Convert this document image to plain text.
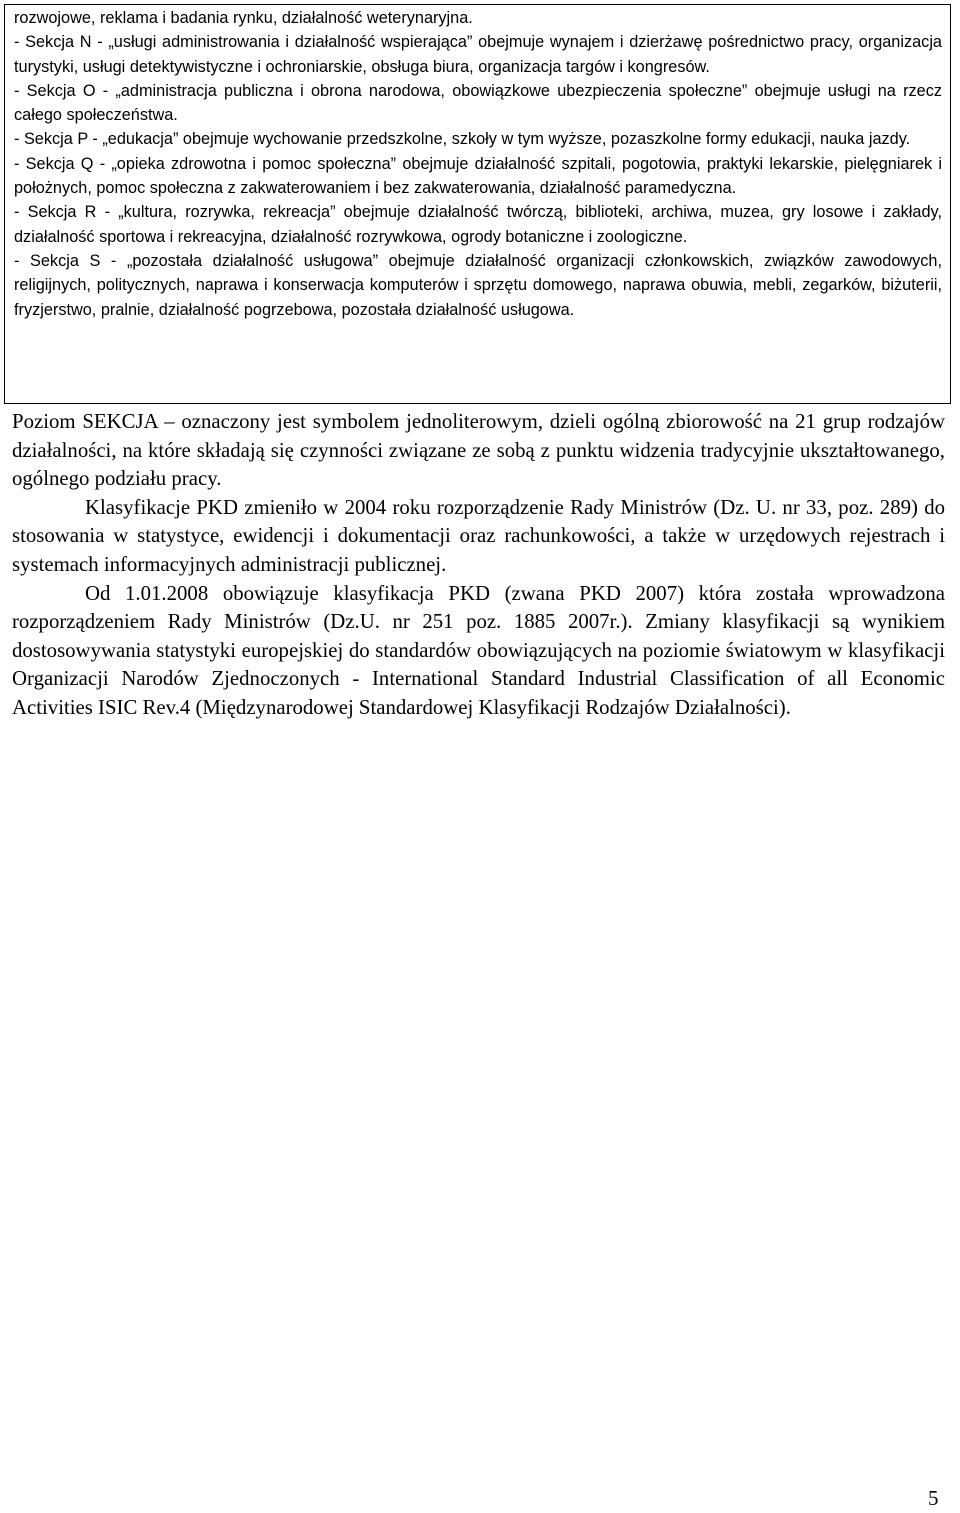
rozwojowe, reklama i badania rynku, działalność weterynaryjna.

- Sekcja N - „usługi administrowania i działalność wspierająca” obejmuje wynajem i dzierżawę pośrednictwo pracy, organizacja turystyki, usługi detektywistyczne i ochroniarskie, obsługa biura, organizacja targów i kongresów.

- Sekcja O - „administracja publiczna i obrona narodowa, obowiązkowe ubezpieczenia społeczne” obejmuje usługi na rzecz całego społeczeństwa.

- Sekcja P - „edukacja” obejmuje wychowanie przedszkolne, szkoły w tym wyższe, pozaszkolne formy edukacji, nauka jazdy.

- Sekcja Q - „opieka zdrowotna i pomoc społeczna” obejmuje działalność szpitali, pogotowia, praktyki lekarskie, pielęgniarek i położnych, pomoc społeczna z zakwaterowaniem i bez zakwaterowania, działalność paramedyczna.

- Sekcja R - „kultura, rozrywka, rekreacja” obejmuje działalność twórczą, biblioteki, archiwa, muzea, gry losowe i zakłady, działalność sportowa i rekreacyjna, działalność rozrywkowa, ogrody botaniczne i zoologiczne.

- Sekcja S - „pozostała działalność usługowa” obejmuje działalność organizacji członkowskich, związków zawodowych, religijnych, politycznych, naprawa i konserwacja komputerów i sprzętu domowego, naprawa obuwia, mebli, zegarków, biżuterii, fryzjerstwo, pralnie, działalność pogrzebowa, pozostała działalność usługowa.

Poziom SEKCJA – oznaczony jest symbolem jednoliterowym, dzieli ogólną zbiorowość na 21 grup rodzajów działalności, na które składają się czynności związane ze sobą z punktu widzenia tradycyjnie ukształtowanego, ogólnego podziału pracy.

Klasyfikacje PKD zmieniło w 2004 roku rozporządzenie Rady Ministrów (Dz. U. nr 33, poz. 289) do stosowania w statystyce, ewidencji i dokumentacji oraz rachunkowości, a także w urzędowych rejestrach i systemach informacyjnych administracji publicznej.

Od 1.01.2008 obowiązuje klasyfikacja PKD (zwana PKD 2007) która została wprowadzona rozporządzeniem Rady Ministrów (Dz.U. nr 251 poz. 1885 2007r.). Zmiany klasyfikacji są wynikiem dostosowywania statystyki europejskiej do standardów obowiązujących na poziomie światowym w klasyfikacji Organizacji Narodów Zjednoczonych - International Standard Industrial Classification of all Economic Activities ISIC Rev.4 (Międzynarodowej Standardowej Klasyfikacji Rodzajów Działalności).

5
